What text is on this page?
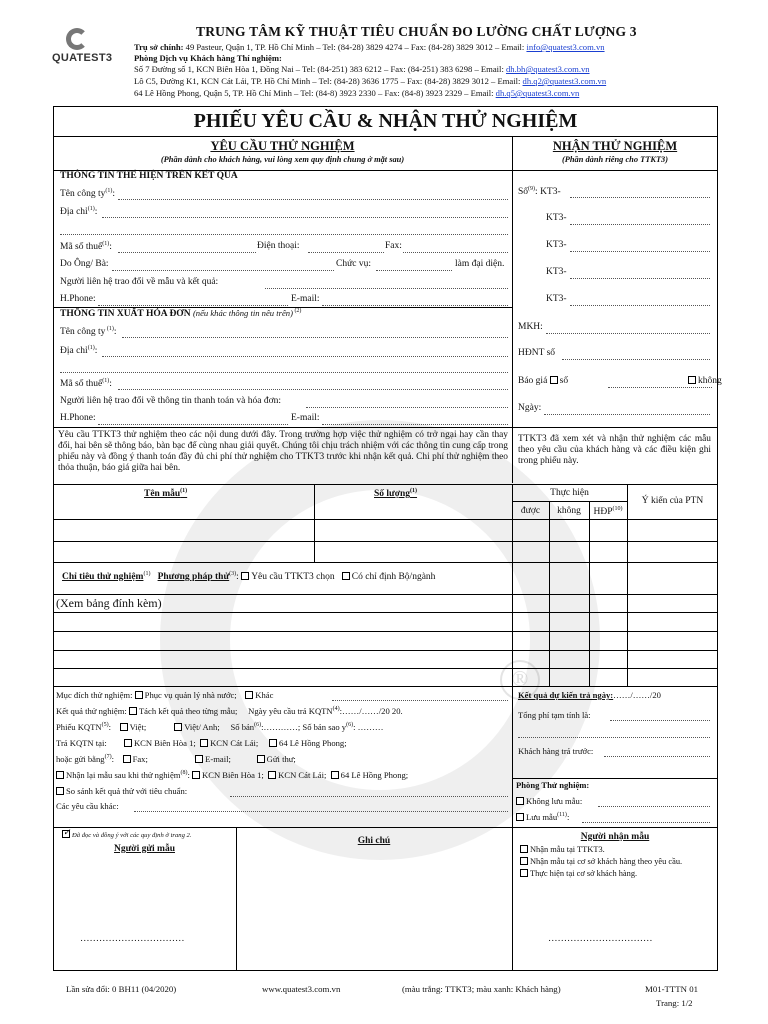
QUATEST3
TRUNG TÂM KỸ THUẬT TIÊU CHUẨN ĐO LƯỜNG CHẤT LƯỢNG 3
Trụ sở chính: 49 Pasteur, Quận 1, TP. Hồ Chí Minh – Tel: (84-28) 3829 4274 – Fax: (84-28) 3829 3012 – Email: info@quatest3.com.vn
Phòng Dịch vụ Khách hàng Thí nghiệm:
Số 7 Đường số 1, KCN Biên Hòa 1, Đồng Nai – Tel: (84-251) 383 6212 – Fax: (84-251) 383 6298 – Email: dh.bh@quatest3.com.vn
Lô C5, Đường K1, KCN Cát Lái, TP. Hồ Chí Minh – Tel: (84-28) 3636 1775 – Fax: (84-28) 3829 3012 – Email: dh.q2@quatest3.com.vn
64 Lê Hồng Phong, Quận 5, TP. Hồ Chí Minh – Tel: (84-8) 3923 2330 – Fax: (84-8) 3923 2329 – Email: dh.q5@quatest3.com.vn
®
PHIẾU YÊU CẦU & NHẬN THỬ NGHIỆM
YÊU CẦU THỬ NGHIỆM
(Phần dành cho khách hàng, vui lòng xem quy định chung ở mặt sau)
NHẬN THỬ NGHIỆM
(Phần dành riêng cho TTKT3)
THÔNG TIN THỂ HIỆN TRÊN KẾT QUẢ
Tên công $ty^{(1)}$:
Địa chỉ$^{(1)}$:
Mã số thuế$^{(1)}$:	Điện thoại:	Fax:
Do Ông/ Bà:	Chức vụ:	làm đại diện.
Người liên hệ trao đổi về mẫu và kết quả:
H.Phone:	E-mail:
THÔNG TIN XUẤT HÓA ĐƠN (nếu khác thông tin nêu trên) $^{(2)}$
Tên công ty $^{(1)}$:
Địa chỉ$^{(1)}$:
Mã số thuế$^{(1)}$:
Người liên hệ trao đổi về thông tin thanh toán và hóa đơn:
H.Phone:	E-mail:
Số$^{(9)}$: KT3-
KT3-
KT3-
KT3-
KT3-
MKH:
HĐNT số
Báo giá số	không
Ngày:
Yêu cầu TTKT3 thử nghiệm theo các nội dung dưới đây. Trong trường hợp việc thử nghiệm có trở ngại hay cần thay đổi, hai bên sẽ thông báo, bàn bạc để cùng nhau giải quyết. Chúng tôi chịu trách nhiệm với các thông tin cung cấp trong phiếu này và đồng ý thanh toán đầy đủ chi phí thử nghiệm cho TTKT3 trước khi nhận kết quả. Chi phí thử nghiệm theo thỏa thuận, báo giá giữa hai bên.
TTKT3 đã xem xét và nhận thử nghiệm các mẫu theo yêu cầu của khách hàng và các điều kiện ghi trong phiếu này.
Tên mẫu$^{(1)}$	Số lượng$^{(1)}$	Thực hiện
được	không	HĐP$^{(10)}$
Ý kiến của PTN
Chỉ tiêu thử nghiệm$^{(1)}$ Phương pháp thử$^{(3)}$: Yêu cầu TTKT3 chọn Có chỉ định Bộ/ngành
(Xem bảng đính kèm)
Mục đích thử nghiệm: Phục vụ quản lý nhà nước; Khác
Kết quả thử nghiệm: Tách kết quả theo từng mẫu; Ngày yêu cầu trả KQTN$^{(4)}$:……/……/20 20.
Phiếu KQTN$^{(5)}$:    Việt;	Việt/ Anh; Số bản$^{(6)}$:…………; Số bản sao $y^{(6)}$: ………
Trả KQTN tại:	KCN Biên Hòa 1; KCN Cát Lái; 64 Lê Hồng Phong;
hoặc gửi bằng$^{(7)}$:    Fax;	E-mail;	Gửi thư;
Nhận lại mẫu sau khi thử nghiệm$^{(8)}$: KCN Biên Hòa 1; KCN Cát Lái; 64 Lê Hồng Phong;
So sánh kết quả thử với tiêu chuẩn:
Các yêu cầu khác:
Kết quả dự kiến trả ngày:……/……/20
Tổng phí tạm tính là:
Khách hàng trả trước:
Phòng Thử nghiệm:
Không lưu mẫu:
Lưu mẫu$^{(11)}$:
✓Đã đọc và đồng ý với các quy định ở trang 2.
Người gửi mẫu
Ghi chú	Người nhận mẫu
Nhận mẫu tại TTKT3.
Nhận mẫu tại cơ sở khách hàng theo yêu cầu.
Thực hiện tại cơ sở khách hàng.
……………………………	……………………………
Lần sửa đổi: 0 BH11 (04/2020)	www.quatest3.com.vn	(màu trắng: TTKT3; màu xanh: Khách hàng)	M01-TTTN 01
Trang: 1/2
